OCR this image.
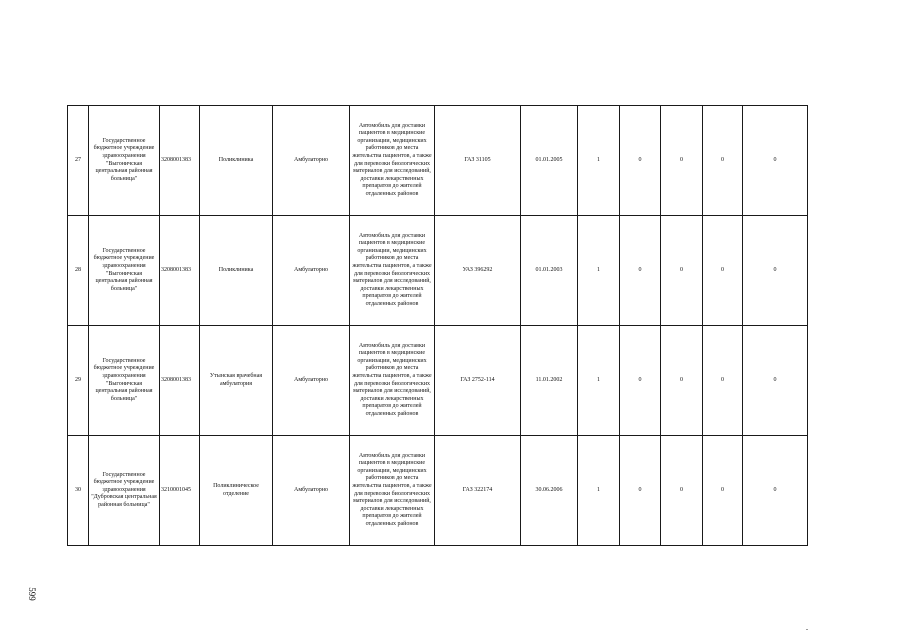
27	Государственное бюджетное учреждение здравоохранения "Выгоничская центральная районная больница"	3208001383	Поликлиника	Амбулаторно	Автомобиль для доставки пациентов в медицинские организации, медицинских работников до места жительства пациентов, а также для перевозки биологических материалов для исследований, доставки лекарственных препаратов до жителей отдаленных районов	ГАЗ 31105	01.01.2005	1	0	0	0	0
28	Государственное бюджетное учреждение здравоохранения "Выгоничская центральная районная больница"	3208001383	Поликлиника	Амбулаторно	Автомобиль для доставки пациентов в медицинские организации, медицинских работников до места жительства пациентов, а также для перевозки биологических материалов для исследований, доставки лекарственных препаратов до жителей отдаленных районов	УАЗ 396292	01.01.2003	1	0	0	0	0
29	Государственное бюджетное учреждение здравоохранения "Выгоничская центральная районная больница"	3208001383	Утынская врачебная амбулатория	Амбулаторно	Автомобиль для доставки пациентов в медицинские организации, медицинских работников до места жительства пациентов, а также для перевозки биологических материалов для исследований, доставки лекарственных препаратов до жителей отдаленных районов	ГАЗ 2752-114	11.01.2002	1	0	0	0	0
30	Государственное бюджетное учреждение здравоохранения "Дубровская центральная районная больница"	3210001045	Поликлиническое отделение	Амбулаторно	Автомобиль для доставки пациентов в медицинские организации, медицинских работников до места жительства пациентов, а также для перевозки биологических материалов для исследований, доставки лекарственных препаратов до жителей отдаленных районов	ГАЗ 322174	30.06.2006	1	0	0	0	0
599
